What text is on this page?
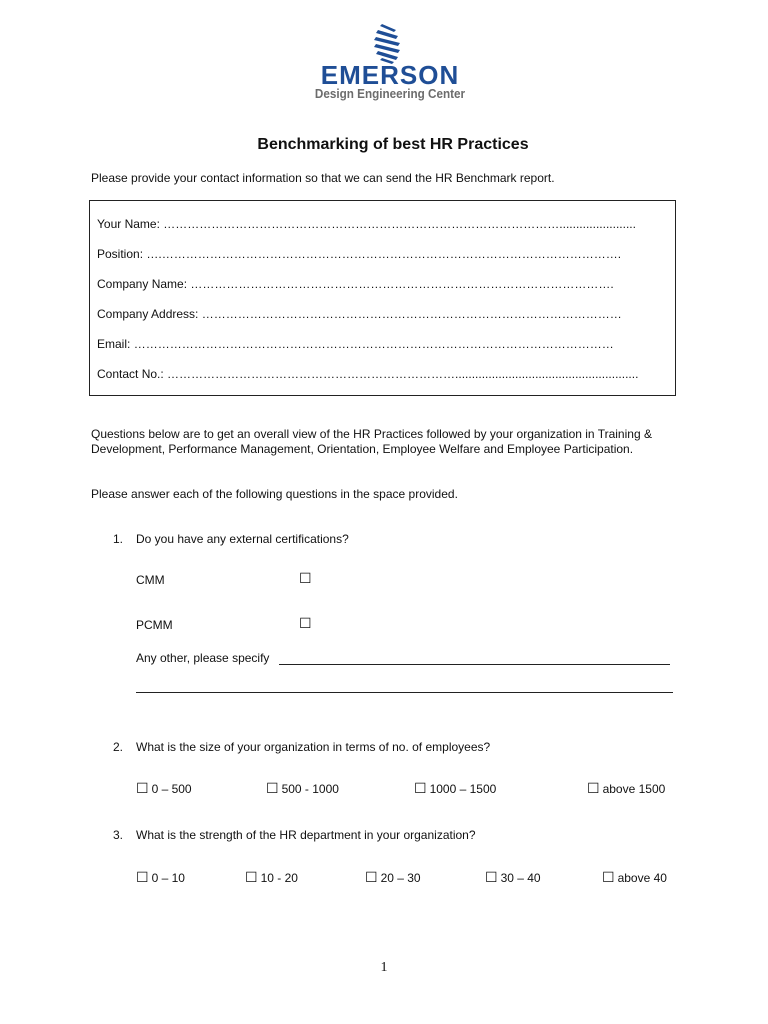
EMERSON
Design Engineering Center
Benchmarking of best HR Practices
Please provide your contact information so that we can send the HR Benchmark report.
Your Name: ……………………………………………………………………………………….......................
Position: ….…………………………………………………………………………………………………….
Company Name: …………………………………………………………………………………………….
Company Address: ……………………………………………………………………………………………
Email: …………………………………………………………………………………………………………
Contact No.: ……………………………………………………………….......................................................
Questions below are to get an overall view of the HR Practices followed by your organization in Training & Development, Performance Management, Orientation, Employee Welfare and Employee Participation.
Please answer each of the following questions in the space provided.
1. Do you have any external certifications?
CMM	☐
PCMM	☐
Any other, please specify
2. What is the size of your organization in terms of no. of employees?
☐ 0 – 500	☐ 500 - 1000	☐ 1000 – 1500	☐ above 1500
3. What is the strength of the HR department in your organization?
☐ 0 – 10	☐ 10 - 20	☐ 20 – 30	☐ 30 – 40	☐ above 40
1
